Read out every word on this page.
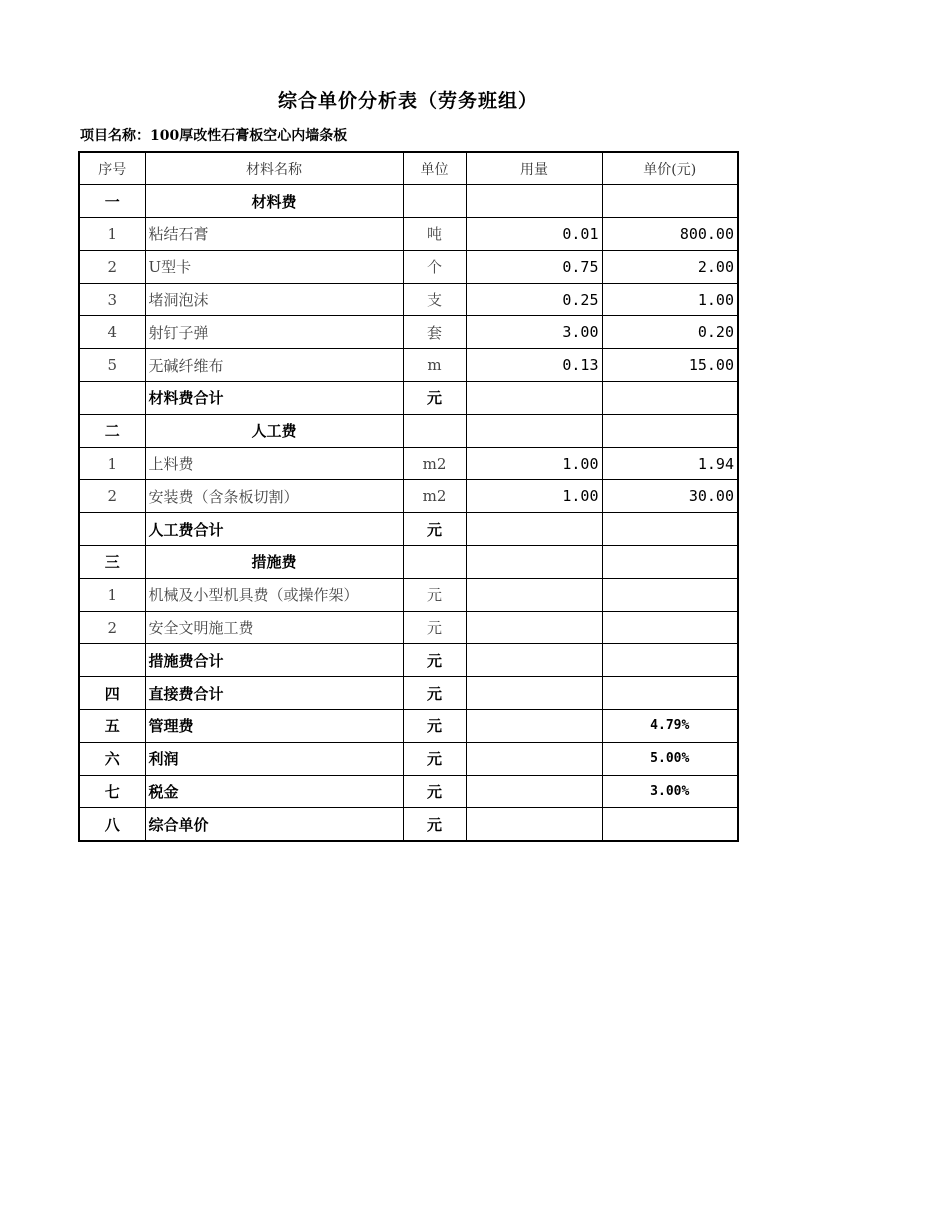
综合单价分析表（劳务班组）
项目名称：100厚改性石膏板空心内墙条板
序号	材料名称	单位	用量	单价(元)
一	材料费			
1	粘结石膏	吨	0.01	800.00
2	U型卡	个	0.75	2.00
3	堵洞泡沫	支	0.25	1.00
4	射钉子弹	套	3.00	0.20
5	无碱纤维布	m	0.13	15.00
	材料费合计	元		
二	人工费			
1	上料费	m2	1.00	1.94
2	安装费（含条板切割）	m2	1.00	30.00
	人工费合计	元		
三	措施费			
1	机械及小型机具费（或操作架）	元		
2	安全文明施工费	元		
	措施费合计	元		
四	直接费合计	元		
五	管理费	元		4.79%
六	利润	元		5.00%
七	税金	元		3.00%
八	综合单价	元		
